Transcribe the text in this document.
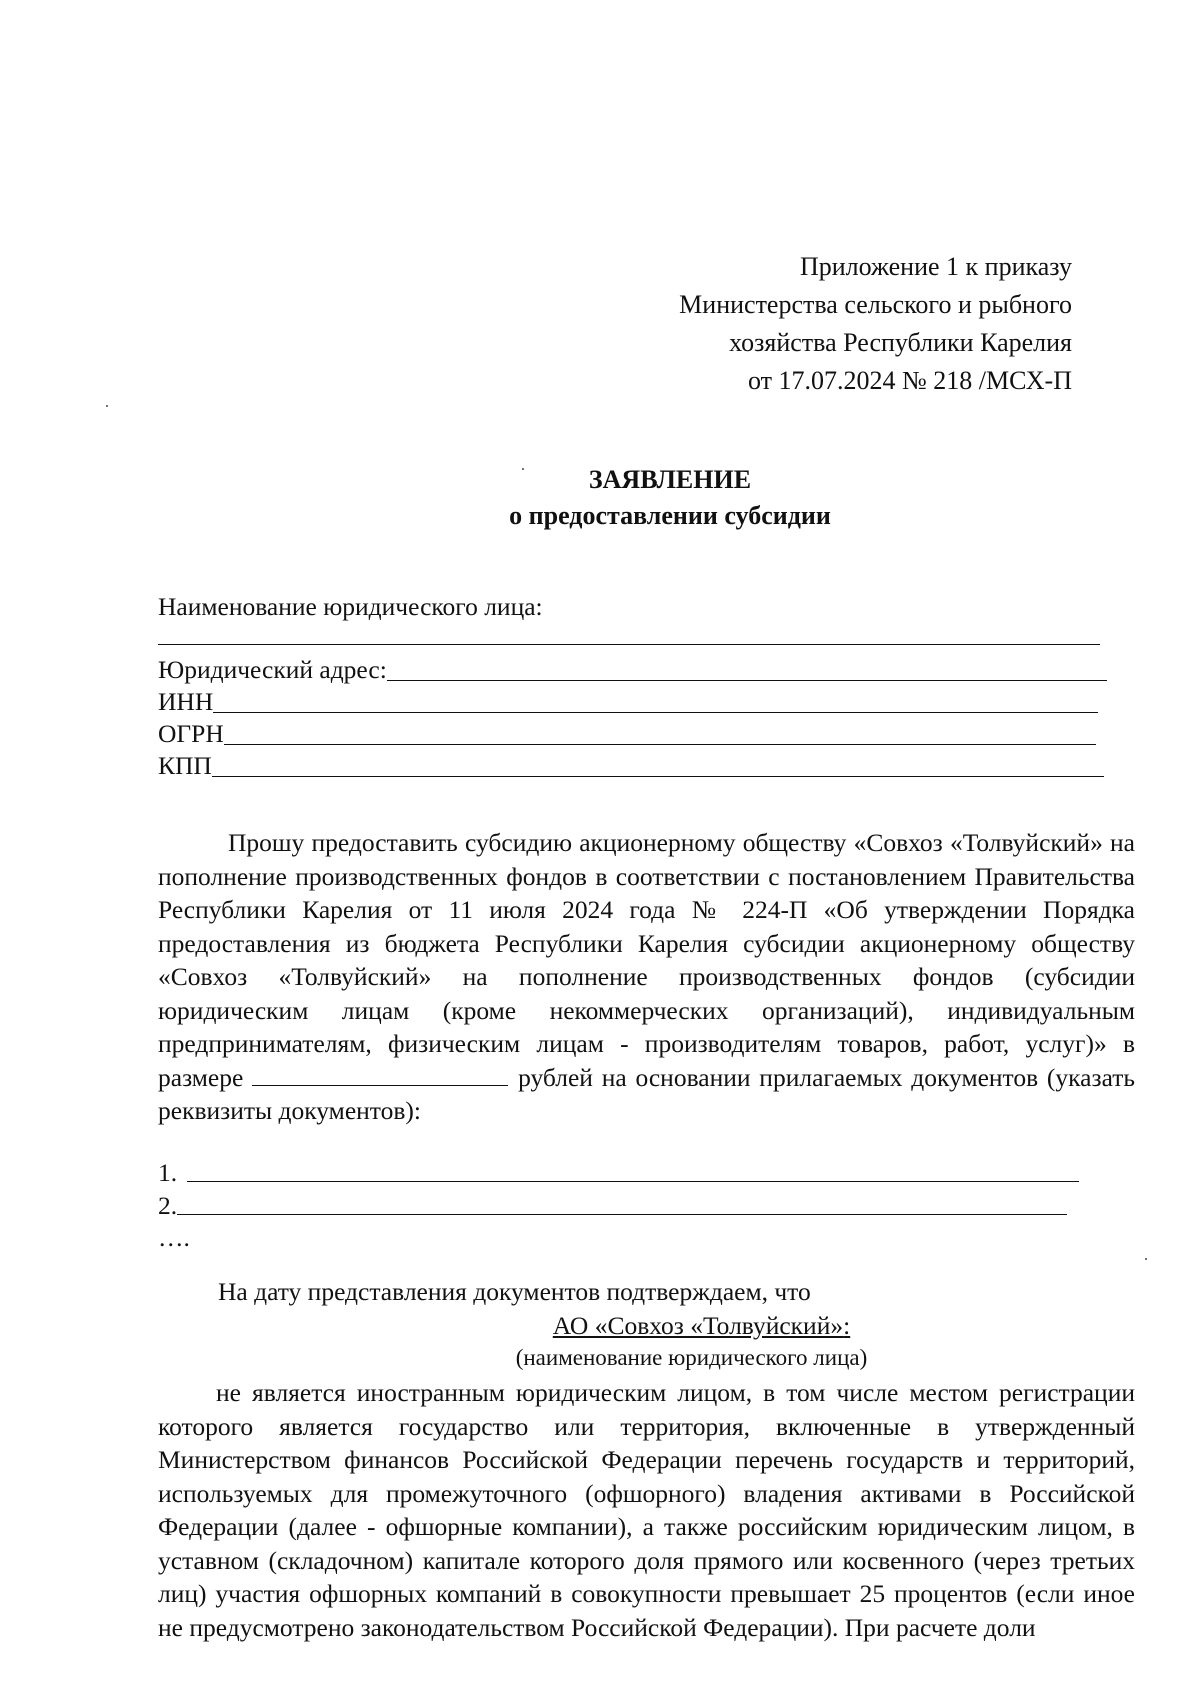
Приложение 1 к приказу
Министерства сельского и рыбного
хозяйства Республики Карелия
от 17.07.2024 № 218 /МСХ-П
ЗАЯВЛЕНИЕ
о предоставлении субсидии
Наименование юридического лица:
Юридический адрес:
ИНН
ОГРН
КПП

Прошу предоставить субсидию акционерному обществу «Совхоз «Толвуйский» на пополнение производственных фондов в соответствии с постановлением Правительства Республики Карелия от 11 июля 2024 года № 224-П «Об утверждении Порядка предоставления из бюджета Республики Карелия субсидии акционерному обществу «Совхоз «Толвуйский» на пополнение производственных фондов (субсидии юридическим лицам (кроме некоммерческих организаций), индивидуальным предпринимателям, физическим лицам - производителям товаров, работ, услуг)» в размере	рублей на основании прилагаемых документов (указать реквизиты документов):

1.
2.
….
На дату представления документов подтверждаем, что
АО «Совхоз «Толвуйский»:
(наименование юридического лица)

не является иностранным юридическим лицом, в том числе местом регистрации которого является государство или территория, включенные в утвержденный Министерством финансов Российской Федерации перечень государств и территорий, используемых для промежуточного (офшорного) владения активами в Российской Федерации (далее - офшорные компании), а также российским юридическим лицом, в уставном (складочном) капитале которого доля прямого или косвенного (через третьих лиц) участия офшорных компаний в совокупности превышает 25 процентов (если иное не предусмотрено законодательством Российской Федерации). При расчете доли
